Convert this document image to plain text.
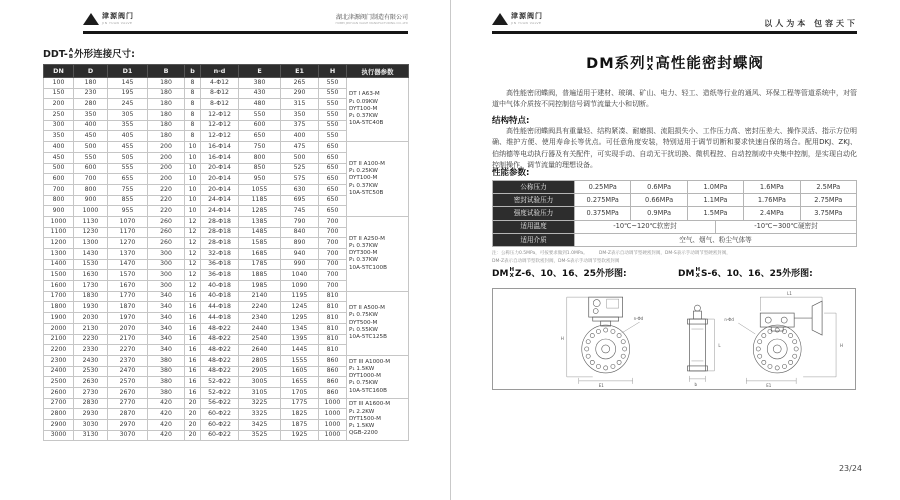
津源阀门
JIN YUAN VALVE
湖北津源阀门制造有限公司
HUBEI JINYUAN VALVE MANUFACTURING CO.,LTD
DDT- A
B 外形连接尺寸:
DN	D	D1	B	b	n-d	E	E1	H	执行器参数
100	180	145	180	8	4-Φ12	380	265	550	DT I A63-M
P₁ 0.09KW
DYT100-M
P₁ 0.37KW
10A-5TC40B

150	230	195	180	8	8-Φ12	430	290	550	
200	280	245	180	8	8-Φ12	480	315	550	
250	350	305	180	8	12-Φ12	550	350	550	
300	400	355	180	8	12-Φ12	600	375	550	
350	450	405	180	8	12-Φ12	650	400	550	
400	500	455	200	10	16-Φ14	750	475	650	DT II A100-M
P₁ 0.25KW
DYT100-M
P₁ 0.37KW
10A-5TC50B

450	550	505	200	10	16-Φ14	800	500	650	
500	600	555	200	10	20-Φ14	850	525	650	
600	700	655	200	10	20-Φ14	950	575	650	
700	800	755	220	10	20-Φ14	1055	630	650	
800	900	855	220	10	24-Φ14	1185	695	650	
900	1000	955	220	10	24-Φ14	1285	745	650	
1000	1130	1070	260	12	28-Φ18	1385	790	700	DT II A250-M
P₁ 0.37KW
DYT300-M
P₁ 0.37KW
10A-5TC100B

1100	1230	1170	260	12	28-Φ18	1485	840	700	
1200	1300	1270	260	12	28-Φ18	1585	890	700	
1300	1430	1370	300	12	32-Φ18	1685	940	700	
1400	1530	1470	300	12	36-Φ18	1785	990	700	
1500	1630	1570	300	12	36-Φ18	1885	1040	700	
1600	1730	1670	300	12	40-Φ18	1985	1090	700	
1700	1830	1770	340	16	40-Φ18	2140	1195	810	DT II A500-M
P₁ 0.75KW
DYT500-M
P₁ 0.55KW
10A-5TC125B

1800	1930	1870	340	16	44-Φ18	2240	1245	810	
1900	2030	1970	340	16	44-Φ18	2340	1295	810	
2000	2130	2070	340	16	48-Φ22	2440	1345	810	
2100	2230	2170	340	16	48-Φ22	2540	1395	810	
2200	2330	2270	340	16	48-Φ22	2640	1445	810	
2300	2430	2370	380	16	48-Φ22	2805	1555	860	DT III A1000-M
P₁ 1.5KW
DYT1000-M
P₁ 0.75KW
10A-5TC160B

2400	2530	2470	380	16	48-Φ22	2905	1605	860	
2500	2630	2570	380	16	52-Φ22	3005	1655	860	
2600	2730	2670	380	16	52-Φ22	3105	1705	860	
2700	2830	2770	420	20	56-Φ22	3225	1775	1000	DT III A1600-M
P₁ 2.2KW
DYT1500-M
P₁ 1.5KW
QGB-2200

2800	2930	2870	420	20	60-Φ22	3325	1825	1000	
2900	3030	2970	420	20	60-Φ22	3425	1875	1000	
3000	3130	3070	420	20	60-Φ22	3525	1925	1000	
津源阀门
JIN YUAN VALVE	以人为本 包容天下
DM系列 H
X 高性能密封蝶阀
高性能密闭蝶阀，普遍适用于建材、玻璃、矿山、电力、轻工、造纸等行业的通风、环保工程等管道系统中，对管道中气体介质按不同控制信号调节流量大小和切断。
结构特点:
高性能密闭蝶阀具有重量轻、结构紧凑、耐磨损、流阻损失小、工作压力高、密封压差大、操作灵活、指示方位明确、维护方便、使用寿命长等优点。可任意角度安装，特别适用于调节切断和要求快速自保的场合。配用DKJ、ZKJ、伯纳德等电动执行器及有关配件，可实现手动、自动无干扰切换、微机程控、自动控制或中央集中控制，是实现自动化控制操作、调节流量的理想设备。
性能参数:
公称压力	0.25MPa	0.6MPa	1.0MPa	1.6MPa	2.5MPa
密封试验压力	0.275MPa	0.66MPa	1.1MPa	1.76MPa	2.75MPa
强度试验压力	0.375MPa	0.9MPa	1.5MPa	2.4MPa	3.75MPa
适用温度	-10℃~120℃软密封 -10℃~300℃硬密封				

适用介质	空气、烟气、粉尘气体等				
注：公称压力0.5MPa，可按要求做到1.0MPa。　　　DM-Z表示自动调节型硬密封阀，DM-S表示手动调节型硬密封阀，
DM-Z表示自动调节型软密封阀，DM-S表示手动调节型软密封阀
DM H
X Z-6、10、16、25外形图:	DM H
X S-6、10、16、25外形图:
H
E1
n-Φd
L
b
L1
H
n-Φd
E1
23/24
